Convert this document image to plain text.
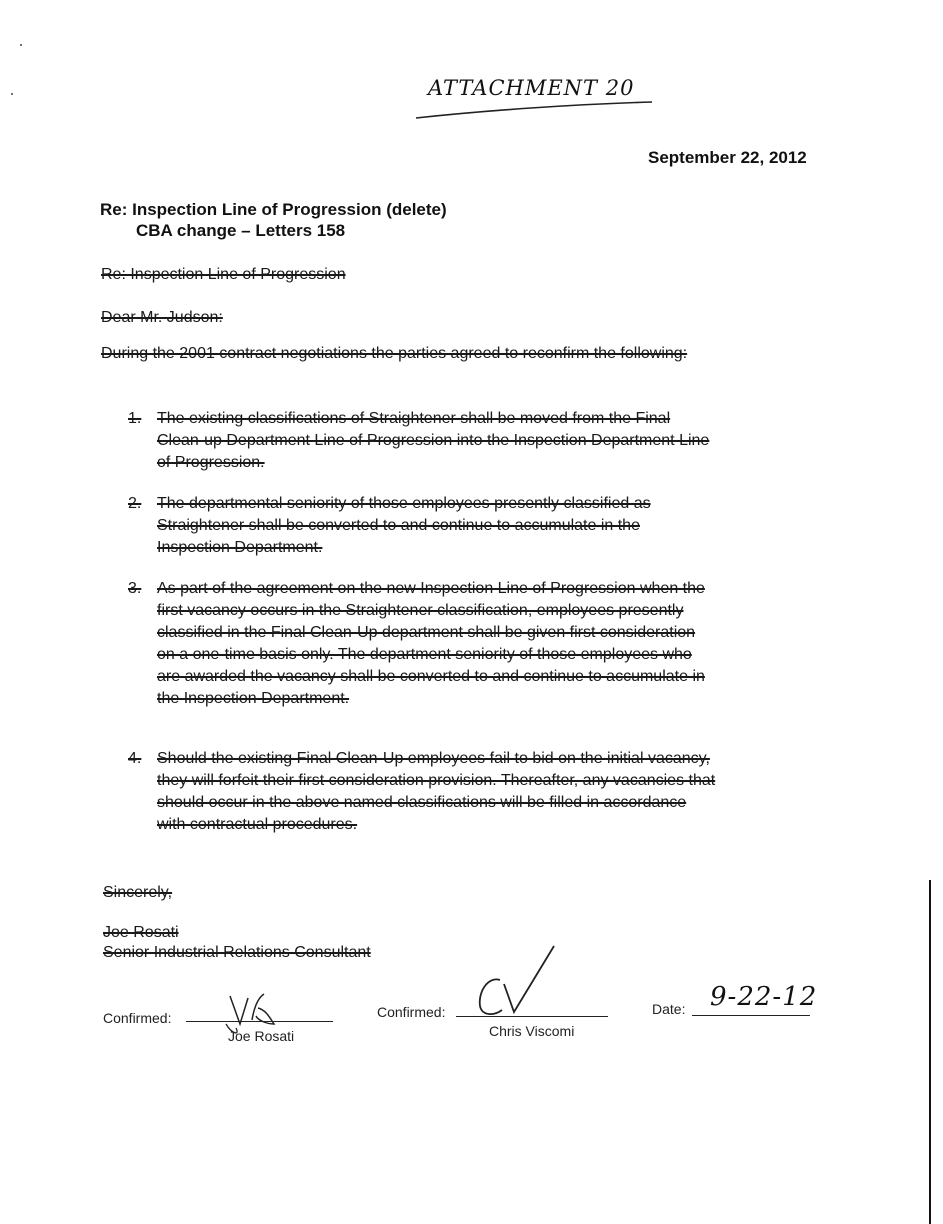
ATTACHMENT 20
September 22, 2012
Re: Inspection Line of Progression (delete)
CBA change – Letters 158
Re: Inspection Line of Progression
Dear Mr. Judson:
During the 2001 contract negotiations the parties agreed to reconfirm the following:
1. The existing classifications of Straightener shall be moved from the Final Clean-up Department Line of Progression into the Inspection Department Line of Progression.
2. The departmental seniority of those employees presently classified as Straightener shall be converted to and continue to accumulate in the Inspection Department.
3. As part of the agreement on the new Inspection Line of Progression when the first vacancy occurs in the Straightener classification, employees presently classified in the Final Clean-Up department shall be given first consideration on a one-time basis only. The department seniority of those employees who are awarded the vacancy shall be converted to and continue to accumulate in the Inspection Department.
4. Should the existing Final Clean-Up employees fail to bid on the initial vacancy, they will forfeit their first consideration provision. Thereafter, any vacancies that should occur in the above named classifications will be filled in accordance with contractual procedures.
Sincerely,
Joe Rosati
Senior Industrial Relations Consultant
Confirmed:
Joe Rosati
Confirmed:
Chris Viscomi
Date: 9-22-12
